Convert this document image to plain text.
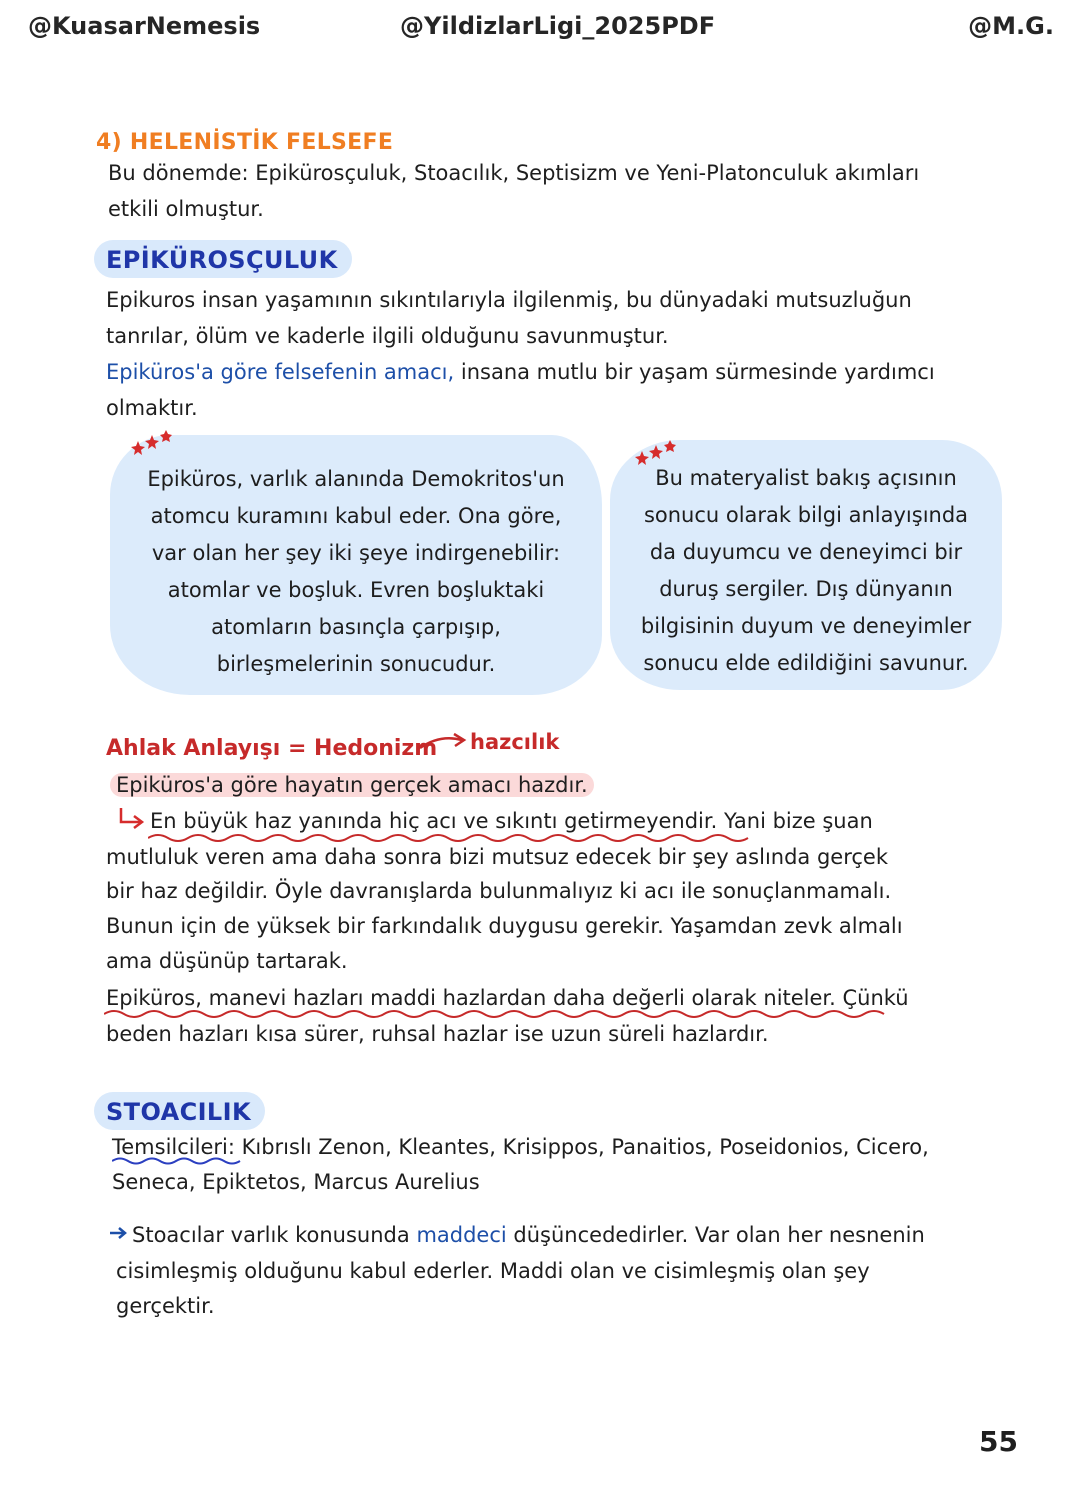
@KuasarNemesis	@YildizlarLigi_2025PDF	@M.G.
4) HELENİSTİK FELSEFE
Bu dönemde: Epikürosçuluk, Stoacılık, Septisizm ve Yeni-Platonculuk akımları
etkili olmuştur.
EPİKÜROSÇULUK
Epikuros insan yaşamının sıkıntılarıyla ilgilenmiş, bu dünyadaki mutsuzluğun
tanrılar, ölüm ve kaderle ilgili olduğunu savunmuştur.
Epiküros'a göre felsefenin amacı, insana mutlu bir yaşam sürmesinde yardımcı
olmaktır.
Epiküros, varlık alanında Demokritos'un
atomcu kuramını kabul eder. Ona göre,
var olan her şey iki şeye indirgenebilir:
atomlar ve boşluk. Evren boşluktaki
atomların basınçla çarpışıp,
birleşmelerinin sonucudur.
Bu materyalist bakış açısının
sonucu olarak bilgi anlayışında
da duyumcu ve deneyimci bir
duruş sergiler. Dış dünyanın
bilgisinin duyum ve deneyimler
sonucu elde edildiğini savunur.
Ahlak Anlayışı = Hedonizm hazcılık
Epiküros'a göre hayatın gerçek amacı hazdır.
En büyük haz yanında hiç acı ve sıkıntı getirmeyendir. Yani bize şuan
mutluluk veren ama daha sonra bizi mutsuz edecek bir şey aslında gerçek
bir haz değildir. Öyle davranışlarda bulunmalıyız ki acı ile sonuçlanmamalı.
Bunun için de yüksek bir farkındalık duygusu gerekir. Yaşamdan zevk almalı
ama düşünüp tartarak.
Epiküros, manevi hazları maddi hazlardan daha değerli olarak niteler. Çünkü
beden hazları kısa sürer, ruhsal hazlar ise uzun süreli hazlardır.
STOACILIK
Temsilcileri: Kıbrıslı Zenon, Kleantes, Krisippos, Panaitios, Poseidonios, Cicero,
Seneca, Epiktetos, Marcus Aurelius
Stoacılar varlık konusunda maddeci düşüncededirler. Var olan her nesnenin
cisimleşmiş olduğunu kabul ederler. Maddi olan ve cisimleşmiş olan şey
gerçektir.
55
